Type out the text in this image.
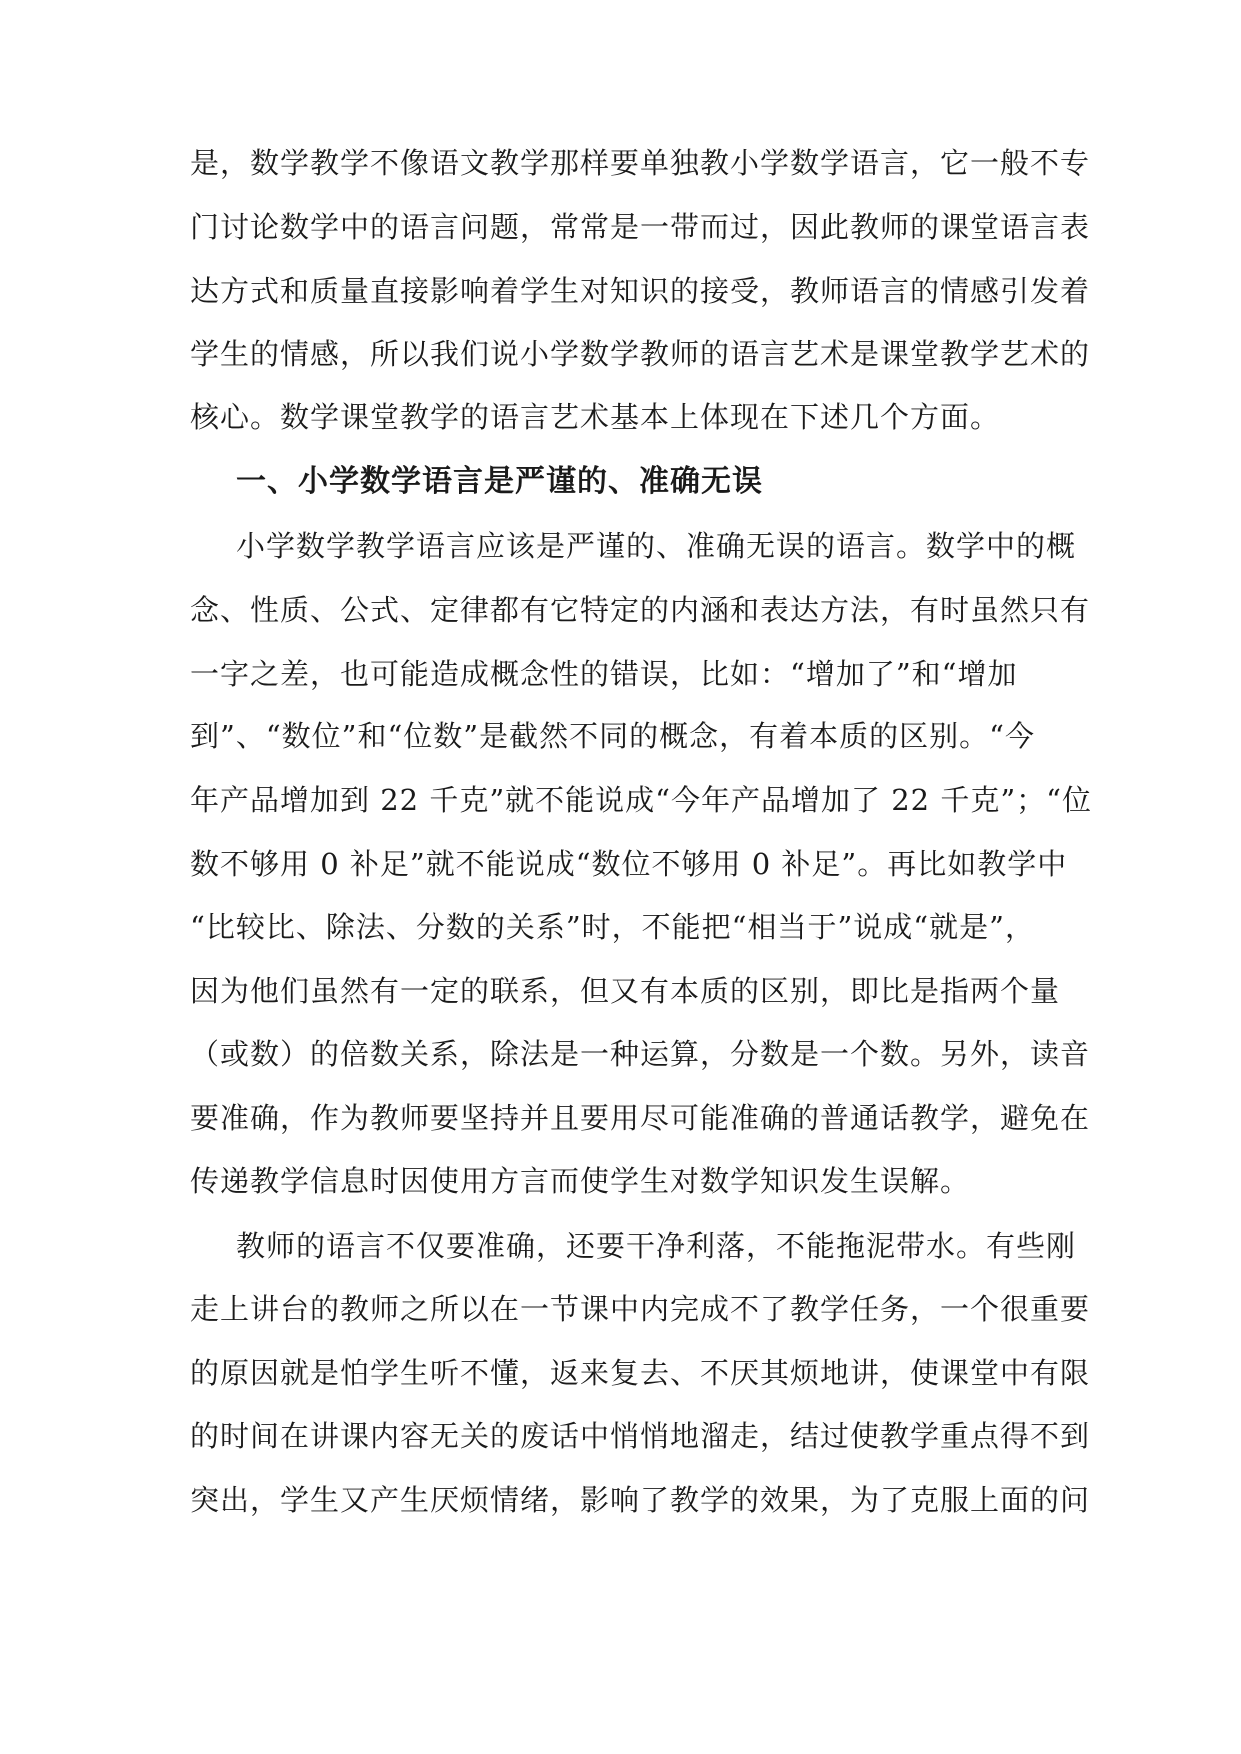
是，数学教学不像语文教学那样要单独教小学数学语言，它一般不专
门讨论数学中的语言问题，常常是一带而过，因此教师的课堂语言表
达方式和质量直接影响着学生对知识的接受，教师语言的情感引发着
学生的情感，所以我们说小学数学教师的语言艺术是课堂教学艺术的
核心。数学课堂教学的语言艺术基本上体现在下述几个方面。
一、小学数学语言是严谨的、准确无误
小学数学教学语言应该是严谨的、准确无误的语言。数学中的概
念、性质、公式、定律都有它特定的内涵和表达方法，有时虽然只有
一字之差，也可能造成概念性的错误，比如：“增加了”和“增加
到”、“数位”和“位数”是截然不同的概念，有着本质的区别。“今
年产品增加到 22 千克”就不能说成“今年产品增加了 22 千克”；“位
数不够用 0 补足”就不能说成“数位不够用 0 补足”。再比如教学中
“比较比、除法、分数的关系”时，不能把“相当于”说成“就是”，
因为他们虽然有一定的联系，但又有本质的区别，即比是指两个量
（或数）的倍数关系，除法是一种运算，分数是一个数。另外，读音
要准确，作为教师要坚持并且要用尽可能准确的普通话教学，避免在
传递教学信息时因使用方言而使学生对数学知识发生误解。
教师的语言不仅要准确，还要干净利落，不能拖泥带水。有些刚
走上讲台的教师之所以在一节课中内完成不了教学任务，一个很重要
的原因就是怕学生听不懂，返来复去、不厌其烦地讲，使课堂中有限
的时间在讲课内容无关的废话中悄悄地溜走，结过使教学重点得不到
突出，学生又产生厌烦情绪，影响了教学的效果，为了克服上面的问
